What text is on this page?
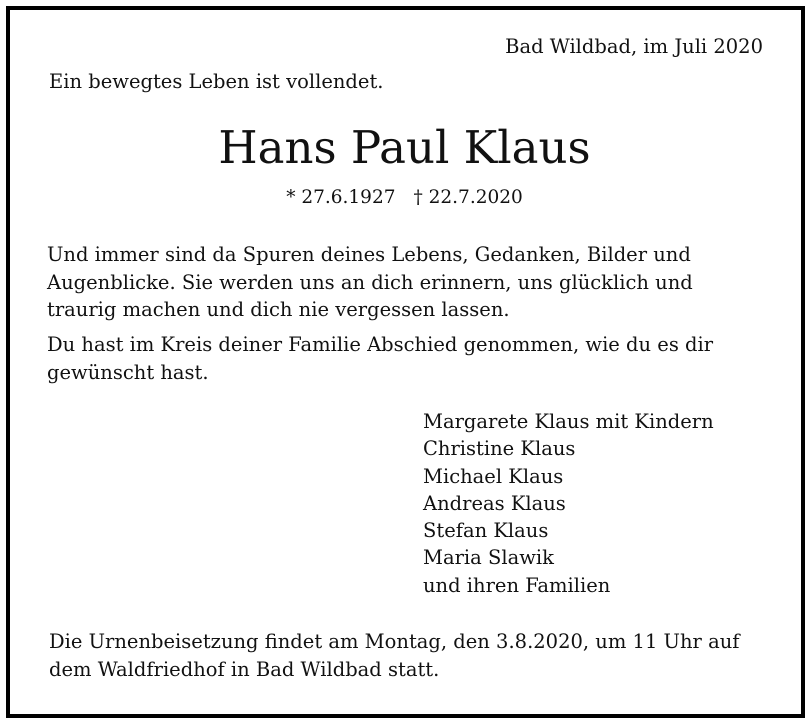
Bad Wildbad, im Juli 2020
Ein bewegtes Leben ist vollendet.
Hans Paul Klaus
* 27.6.1927 † 22.7.2020
Und immer sind da Spuren deines Lebens, Gedanken, Bilder und Augenblicke. Sie werden uns an dich erinnern, uns glücklich und traurig machen und dich nie vergessen lassen.
Du hast im Kreis deiner Familie Abschied genommen, wie du es dir gewünscht hast.
Margarete Klaus mit Kindern
Christine Klaus
Michael Klaus
Andreas Klaus
Stefan Klaus
Maria Slawik
und ihren Familien
Die Urnenbeisetzung findet am Montag, den 3.8.2020, um 11 Uhr auf dem Waldfriedhof in Bad Wildbad statt.
